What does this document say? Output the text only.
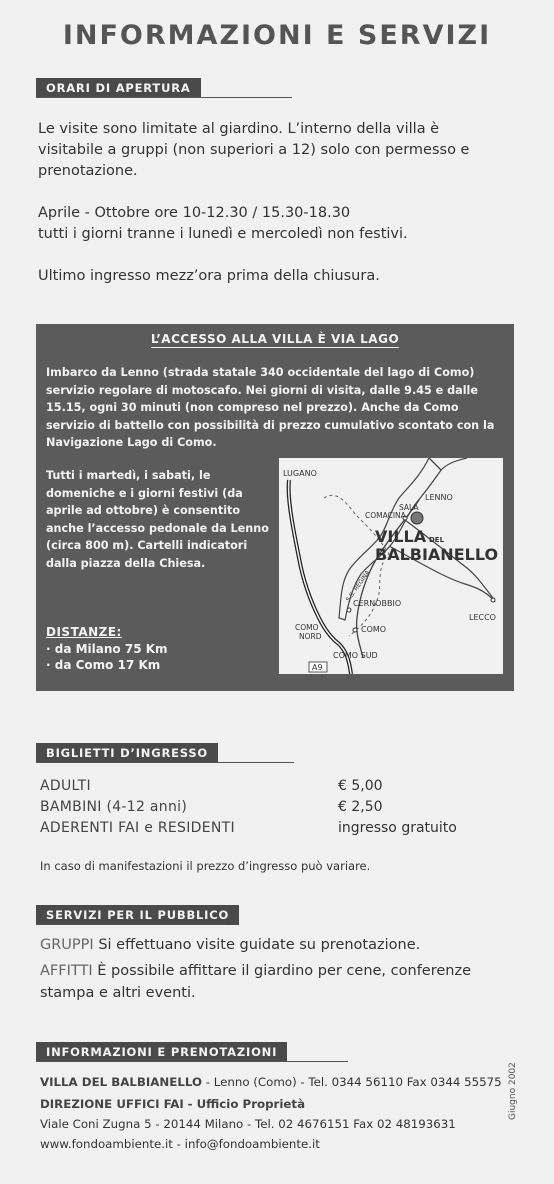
INFORMAZIONI E SERVIZI
ORARI DI APERTURA
Le visite sono limitate al giardino. L’interno della villa è
visitabile a gruppi (non superiori a 12) solo con permesso e
prenotazione.
Aprile - Ottobre ore 10-12.30 / 15.30-18.30
tutti i giorni tranne i lunedì e mercoledì non festivi.
Ultimo ingresso mezz’ora prima della chiusura.
L’ACCESSO ALLA VILLA È VIA LAGO
Imbarco da Lenno (strada statale 340 occidentale del lago di Como)
servizio regolare di motoscafo. Nei giorni di visita, dalle 9.45 e dalle
15.15, ogni 30 minuti (non compreso nel prezzo). Anche da Como
servizio di battello con possibilità di prezzo cumulativo scontato con la
Navigazione Lago di Como.
Tutti i martedì, i sabati, le
domeniche e i giorni festivi (da
aprile ad ottobre) è consentito
anche l’accesso pedonale da Lenno
(circa 800 m). Cartelli indicatori
dalla piazza della Chiesa.
DISTANZE:
· da Milano 75 Km
· da Como 17 Km
LUGANO
LENNO
SALA
COMACINA
VILLA DEL
BALBIANELLO
S.S. REGINA
CERNOBBIO
LECCO
COMO
NORD
COMO
COMO SUD
A9
BIGLIETTI D’INGRESSO
ADULTI	€ 5,00
BAMBINI (4-12 anni)	€ 2,50
ADERENTI FAI e RESIDENTI	ingresso gratuito
In caso di manifestazioni il prezzo d’ingresso può variare.
SERVIZI PER IL PUBBLICO
GRUPPI Si effettuano visite guidate su prenotazione.
AFFITTI È possibile affittare il giardino per cene, conferenze
stampa e altri eventi.
INFORMAZIONI E PRENOTAZIONI
VILLA DEL BALBIANELLO - Lenno (Como) - Tel. 0344 56110 Fax 0344 55575
DIREZIONE UFFICI FAI - Ufficio Proprietà
Viale Coni Zugna 5 - 20144 Milano - Tel. 02 4676151 Fax 02 48193631
www.fondoambiente.it - info@fondoambiente.it
Giugno 2002
